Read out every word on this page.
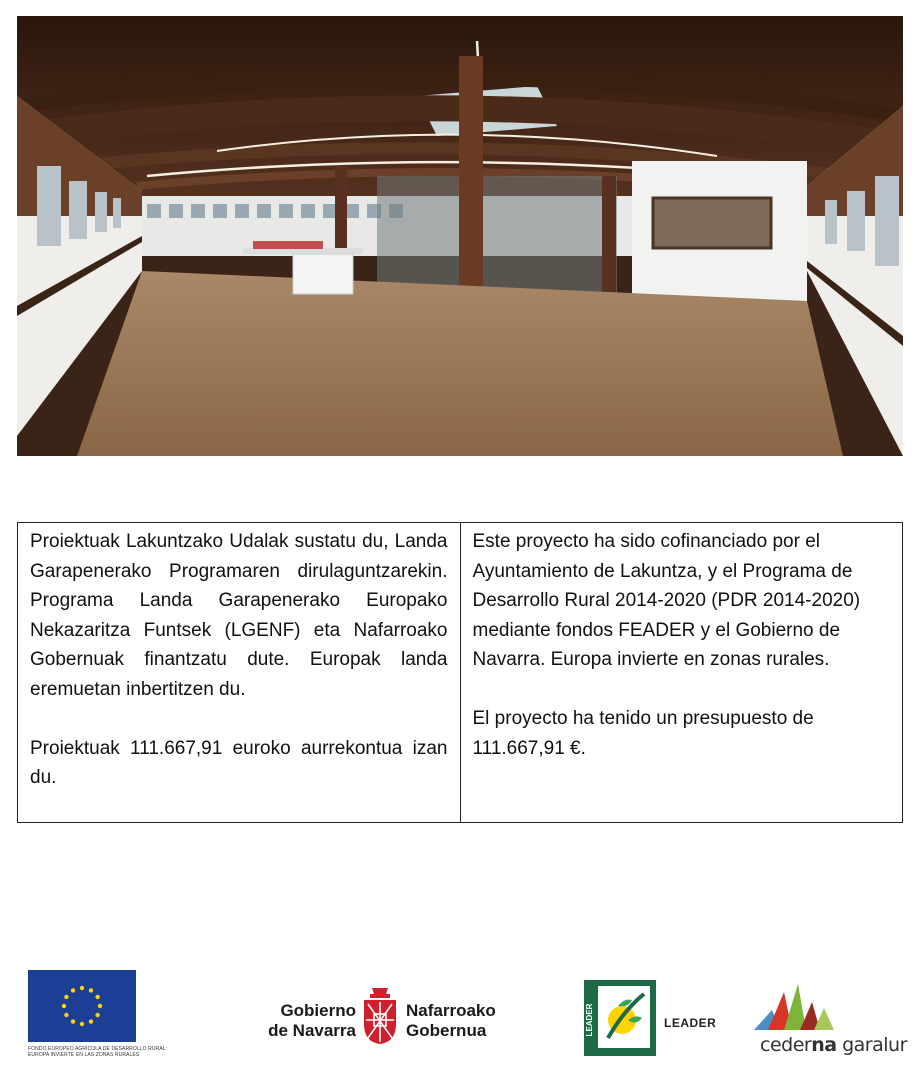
Proiektuak Lakuntzako Udalak sustatu du, Landa Garapenerako Programaren dirulaguntzarekin. Programa Landa Garapenerako Europako Nekazaritza Funtsek (LGENF) eta Nafarroako Gobernuak finantzatu dute. Europak landa eremuetan inbertitzen du.

Proiektuak 111.667,91 euroko aurrekontua izan du.

Este proyecto ha sido cofinanciado por el Ayuntamiento de Lakuntza, y el Programa de Desarrollo Rural 2014-2020 (PDR 2014-2020) mediante fondos FEADER y el Gobierno de Navarra. Europa invierte en zonas rurales.

El proyecto ha tenido un presupuesto de 111.667,91 €.

FONDO EUROPEO AGRÍCOLA DE DESARROLLO RURAL:
EUROPA INVIERTE EN LAS ZONAS RURALES
Gobierno
de Navarra
Nafarroako
Gobernua	LEADER	LEADER
cederna garalur
